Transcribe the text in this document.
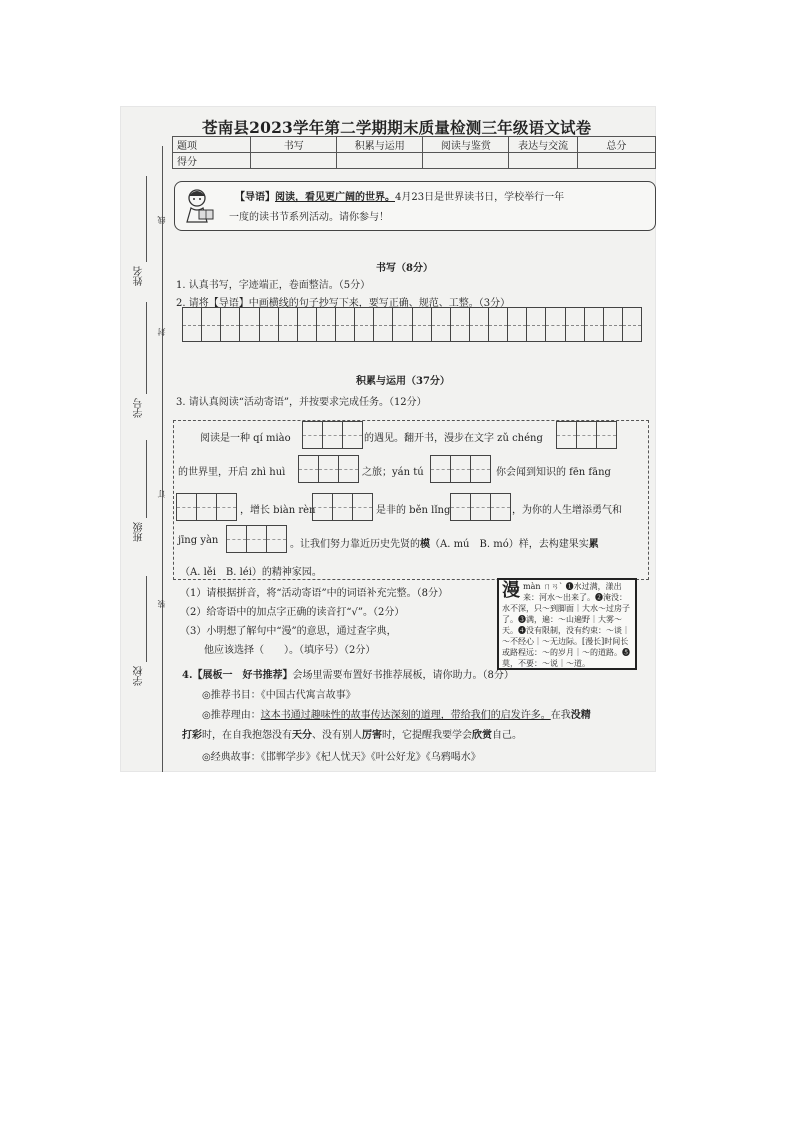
姓名
学号
班级
学校
线
封
订
装
苍南县2023学年第二学期期末质量检测三年级语文试卷
题项	书写	积累与运用	阅读与鉴赏	表达与交流	总分
得分					
【导语】阅读，看见更广阔的世界。4月23日是世界读书日，学校举行一年
一度的读书节系列活动。请你参与！
书写（8分）
1. 认真书写，字迹端正，卷面整洁。（5分）
2. 请将【导语】中画横线的句子抄写下来，要写正确、规范、工整。（3分）
积累与运用（37分）
3. 请认真阅读“活动寄语”，并按要求完成任务。（12分）
阅读是一种 qí miào	的遇见。翻开书，漫步在文字 zǔ chéng
的世界里，开启 zhì huì	之旅；yán tú	你会闻到知识的 fēn fāng
，增长 biàn rèn	是非的 běn lǐng	，为你的人生增添勇气和
jīng yàn	。让我们努力靠近历史先贤的模（A. mú　B. mó）样，去构建果实累
（A. lěi　B. léi）的精神家园。
（1）请根据拼音，将“活动寄语”中的词语补充完整。（8分）
（2）给寄语中的加点字正确的读音打“√”。（2分）
（3）小明想了解句中“漫”的意思，通过查字典，
他应该选择（　　）。（填序号）（2分）
漫 màn ㄇㄢˋ ❶水过满，漾出来：河水～出来了。❷淹没：水不深，只～到脚面｜大水～过房子了。❸满，遍：～山遍野｜大雾～天。❹没有限制，没有约束：～谈｜～不经心｜～无边际。[漫长]时间长或路程远：～的岁月｜～的道路。❺莫，不要：～说｜～道。
4.【展板一　好书推荐】会场里需要布置好书推荐展板，请你助力。（8分）
◎推荐书目：《中国古代寓言故事》
◎推荐理由：这本书通过趣味性的故事传达深刻的道理，带给我们的启发许多。在我没精
打彩时，在自我抱怨没有天分、没有别人厉害时，它提醒我要学会欣赏自己。
◎经典故事：《邯郸学步》《杞人忧天》《叶公好龙》《乌鸦喝水》
